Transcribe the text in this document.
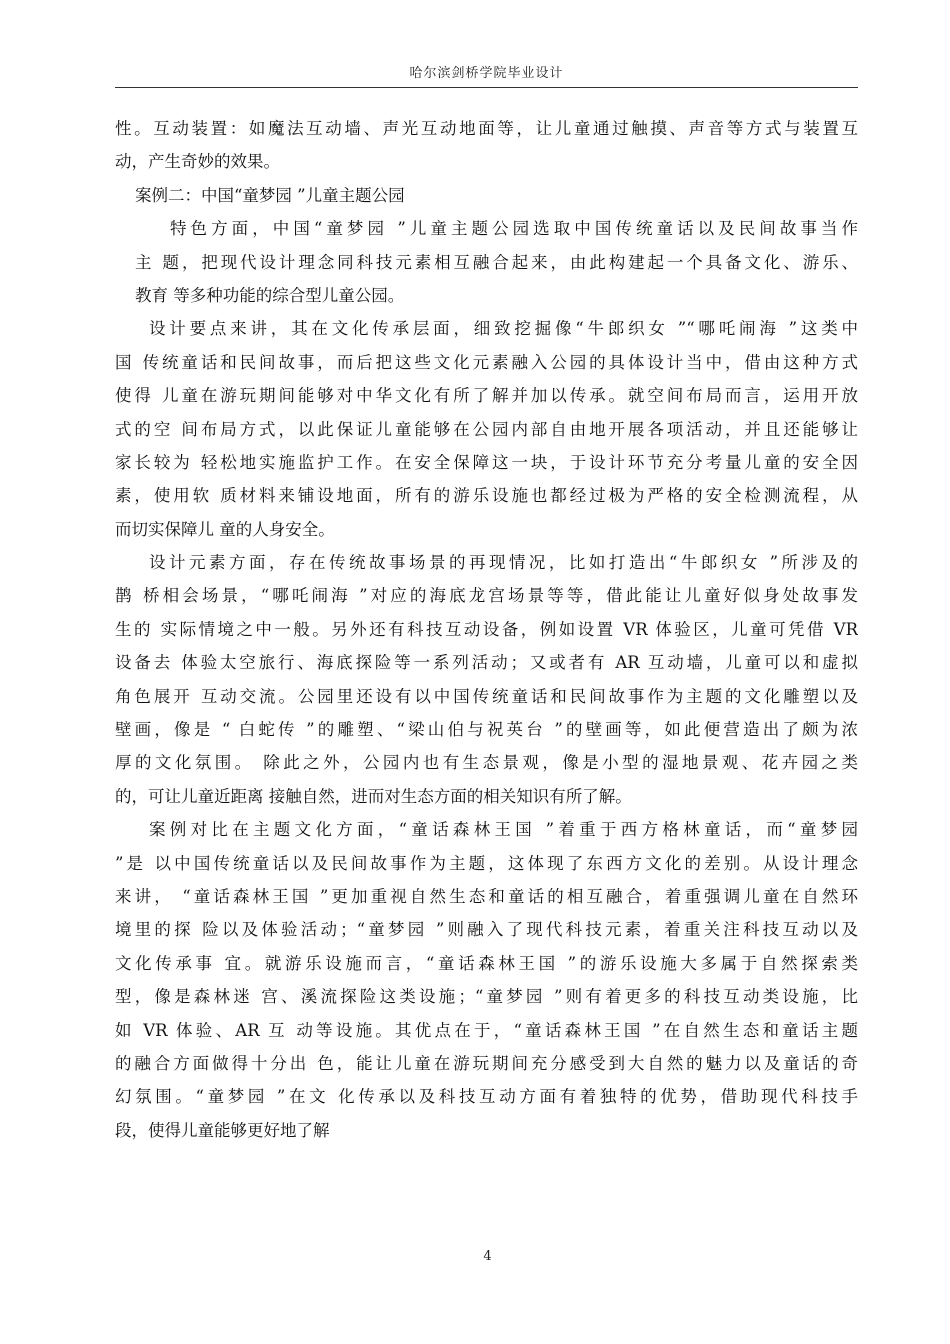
哈尔滨剑桥学院毕业设计
性。互动装置：如魔法互动墙、声光互动地面等，让儿童通过触摸、声音等方式与装置互
动，产生奇妙的效果。
案例二：中国“童梦园 ”儿童主题公园
特色方面，中国“童梦园 ”儿童主题公园选取中国传统童话以及民间故事当作
主 题，把现代设计理念同科技元素相互融合起来，由此构建起一个具备文化、游乐、
教育 等多种功能的综合型儿童公园。
设计要点来讲，其在文化传承层面，细致挖掘像“牛郎织女 ”“哪吒闹海 ”这类中
国 传统童话和民间故事，而后把这些文化元素融入公园的具体设计当中，借由这种方式
使得 儿童在游玩期间能够对中华文化有所了解并加以传承。就空间布局而言，运用开放
式的空 间布局方式，以此保证儿童能够在公园内部自由地开展各项活动，并且还能够让
家长较为 轻松地实施监护工作。在安全保障这一块，于设计环节充分考量儿童的安全因
素，使用软 质材料来铺设地面，所有的游乐设施也都经过极为严格的安全检测流程，从
而切实保障儿 童的人身安全。
设计元素方面，存在传统故事场景的再现情况，比如打造出“牛郎织女 ”所涉及的
鹊 桥相会场景，“哪吒闹海 ”对应的海底龙宫场景等等，借此能让儿童好似身处故事发
生的 实际情境之中一般。另外还有科技互动设备，例如设置 VR 体验区，儿童可凭借 VR
设备去 体验太空旅行、海底探险等一系列活动；又或者有 AR 互动墙，儿童可以和虚拟
角色展开 互动交流。公园里还设有以中国传统童话和民间故事作为主题的文化雕塑以及
壁画，像是 “ 白蛇传 ”的雕塑、“梁山伯与祝英台 ”的壁画等，如此便营造出了颇为浓
厚的文化氛围。 除此之外，公园内也有生态景观，像是小型的湿地景观、花卉园之类
的，可让儿童近距离 接触自然，进而对生态方面的相关知识有所了解。
案例对比在主题文化方面，“童话森林王国 ”着重于西方格林童话，而“童梦园
”是 以中国传统童话以及民间故事作为主题，这体现了东西方文化的差别。从设计理念
来讲， “童话森林王国 ”更加重视自然生态和童话的相互融合，着重强调儿童在自然环
境里的探 险以及体验活动；“童梦园 ”则融入了现代科技元素，着重关注科技互动以及
文化传承事 宜。就游乐设施而言，“童话森林王国 ”的游乐设施大多属于自然探索类
型，像是森林迷 宫、溪流探险这类设施；“童梦园 ”则有着更多的科技互动类设施，比
如 VR 体验、AR 互 动等设施。其优点在于，“童话森林王国 ”在自然生态和童话主题
的融合方面做得十分出 色，能让儿童在游玩期间充分感受到大自然的魅力以及童话的奇
幻氛围。“童梦园 ”在文 化传承以及科技互动方面有着独特的优势，借助现代科技手
段，使得儿童能够更好地了解
4
